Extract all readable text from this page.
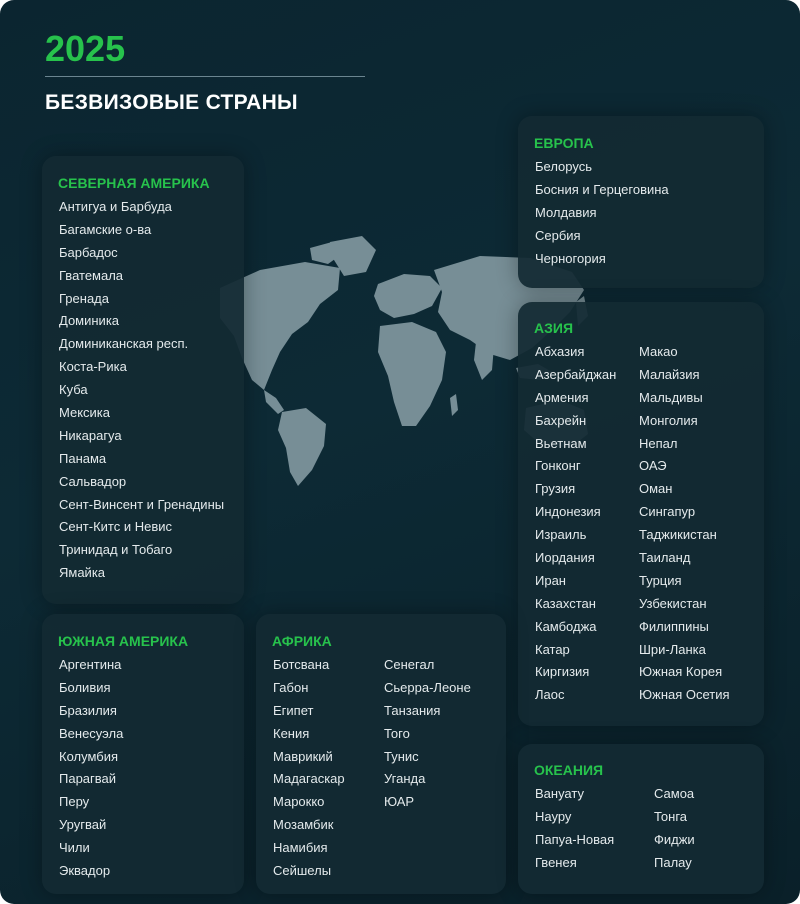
2025
БЕЗВИЗОВЫЕ СТРАНЫ
СЕВЕРНАЯ АМЕРИКА
Антигуа и Барбуда
Багамские о-ва
Барбадос
Гватемала
Гренада
Доминика
Доминиканская респ.
Коста-Рика
Куба
Мексика
Никарагуа
Панама
Сальвадор
Сент-Винсент и Гренадины
Сент-Китс и Невис
Тринидад и Тобаго
Ямайка
ЕВРОПА
Белорусь
Босния и Герцеговина
Молдавия
Сербия
Черногория
АЗИЯ
Абхазия
Азербайджан
Армения
Бахрейн
Вьетнам
Гонконг
Грузия
Индонезия
Израиль
Иордания
Иран
Казахстан
Камбоджа
Катар
Киргизия
Лаос
Макао
Малайзия
Мальдивы
Монголия
Непал
ОАЭ
Оман
Сингапур
Таджикистан
Таиланд
Турция
Узбекистан
Филиппины
Шри-Ланка
Южная Корея
Южная Осетия
ЮЖНАЯ АМЕРИКА
Аргентина
Боливия
Бразилия
Венесуэла
Колумбия
Парагвай
Перу
Уругвай
Чили
Эквадор
АФРИКА
Ботсвана
Габон
Египет
Кения
Маврикий
Мадагаскар
Марокко
Мозамбик
Намибия
Сейшелы
Сенегал
Сьерра-Леоне
Танзания
Того
Тунис
Уганда
ЮАР
ОКЕАНИЯ
Вануату
Науру
Папуа-Новая
Гвенея
Самоа
Тонга
Фиджи
Палау
